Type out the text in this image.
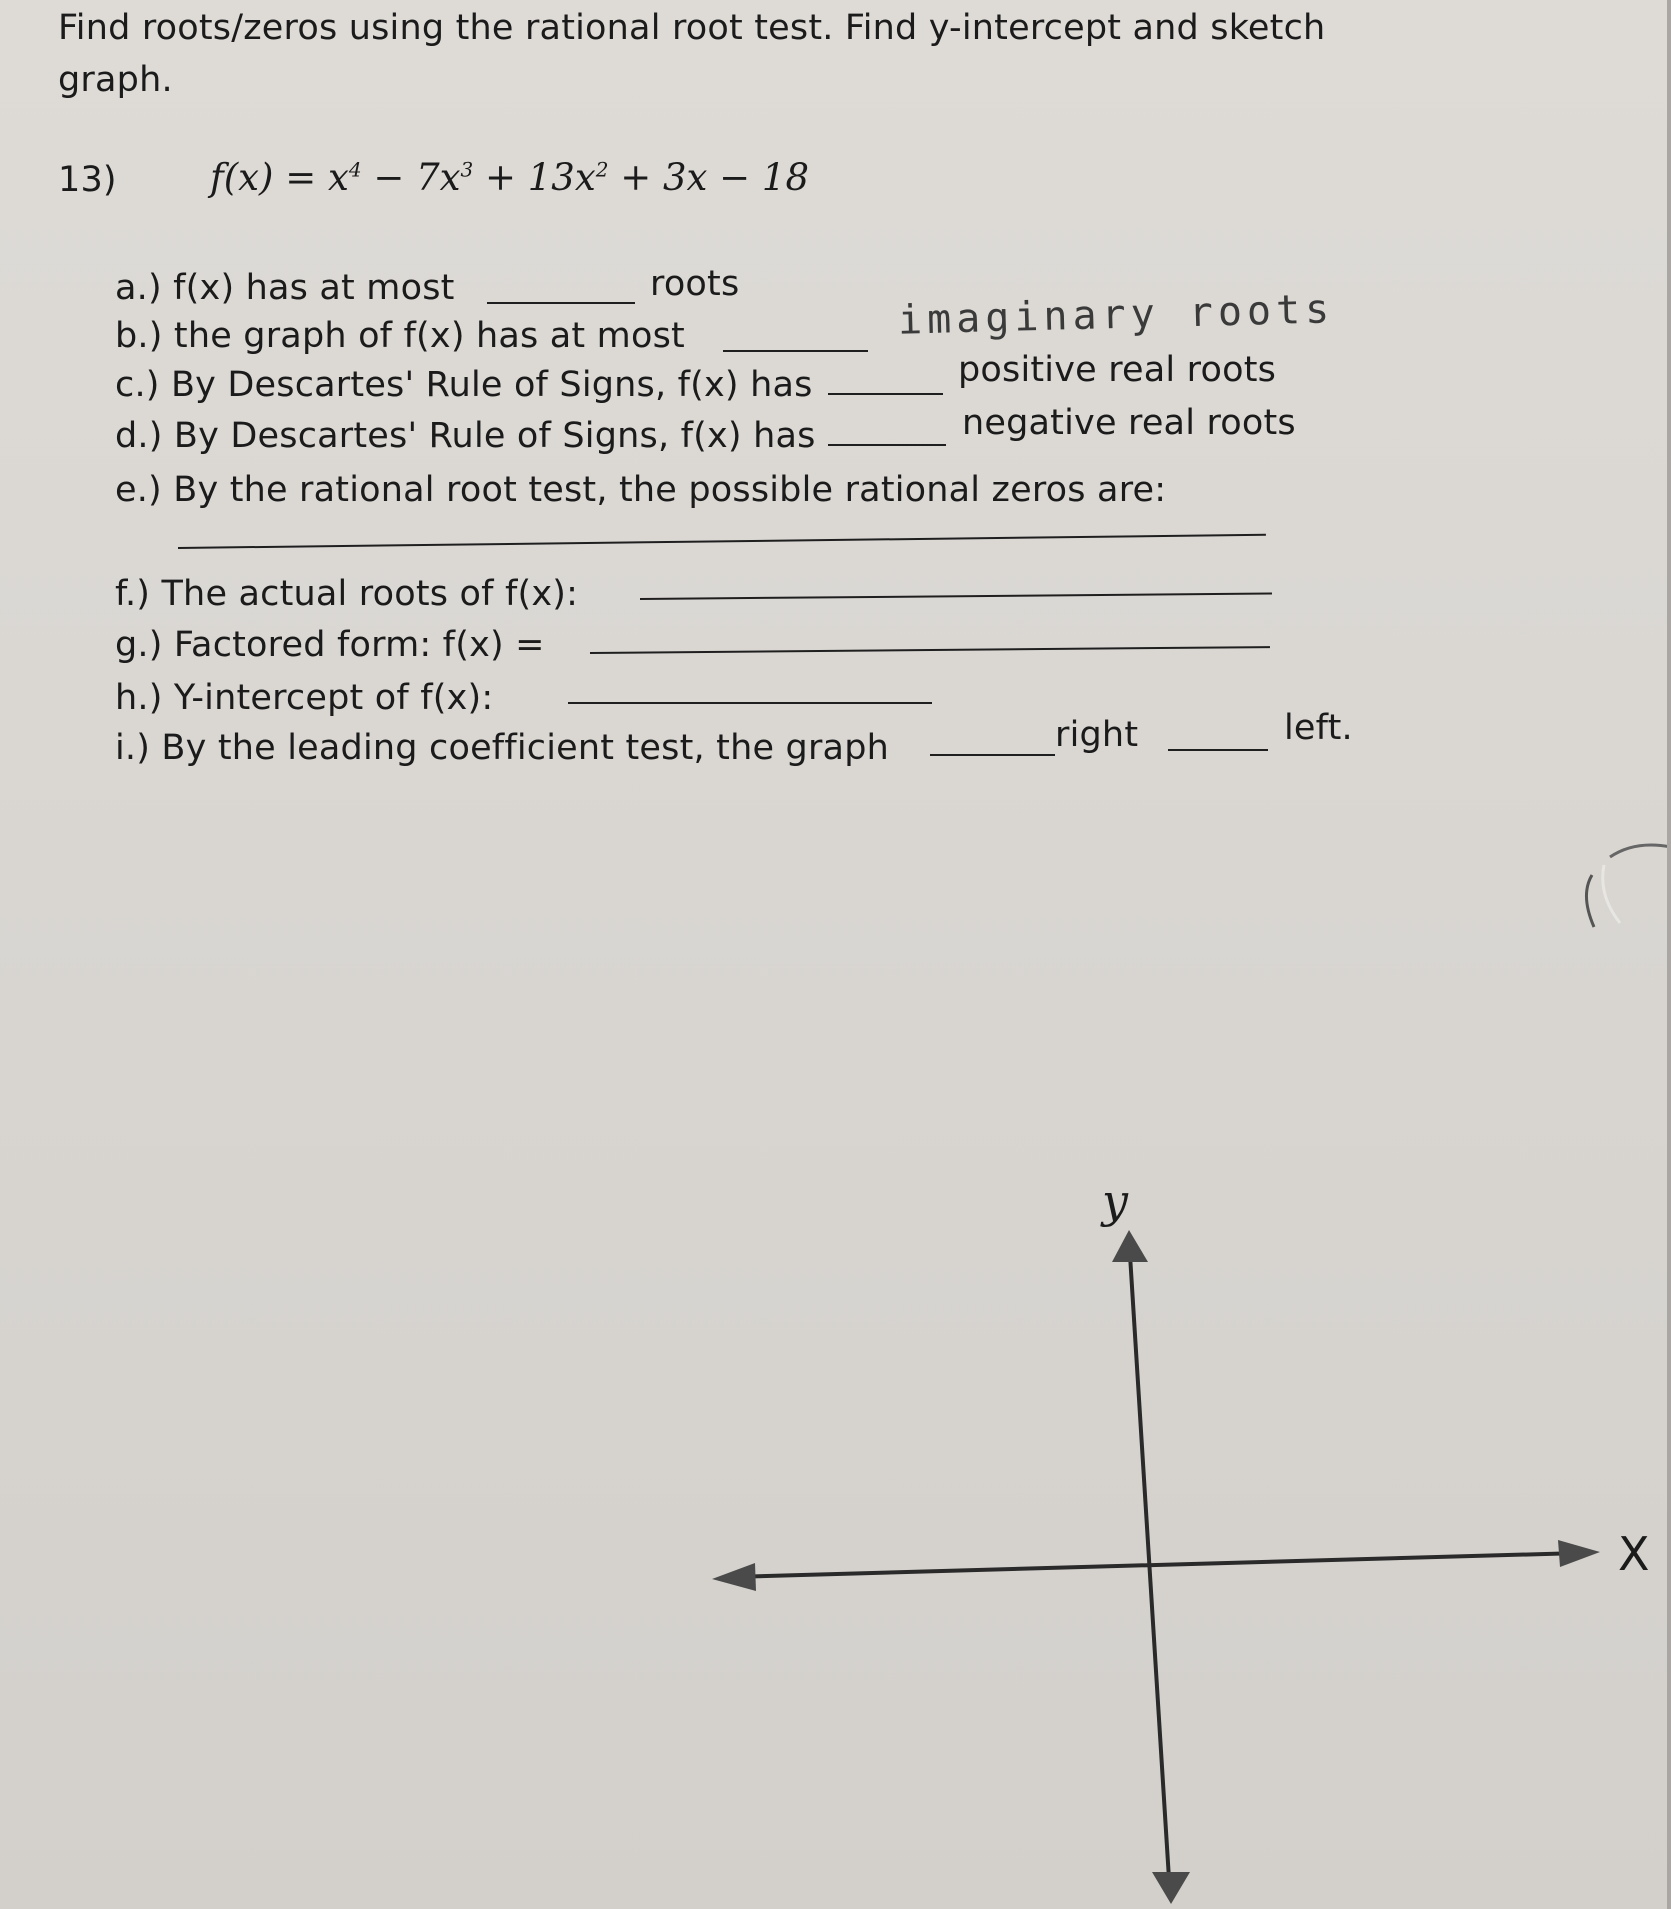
Find roots/zeros using the rational root test. Find y-intercept and sketch
graph.
13)	$f(x) = x^4 - 7x^3 + 13x^2 + 3x - 18$
a.) f(x) has at most	roots
b.) the graph of f(x) has at most	imaginary roots
c.) By Descartes' Rule of Signs, f(x) has	positive real roots
d.) By Descartes' Rule of Signs, f(x) has	negative real roots
e.) By the rational root test, the possible rational zeros are:
f.) The actual roots of f(x):
g.) Factored form: f(x) =
h.) Y-intercept of f(x):
i.) By the leading coefficient test, the graph	right	left.
y
X
